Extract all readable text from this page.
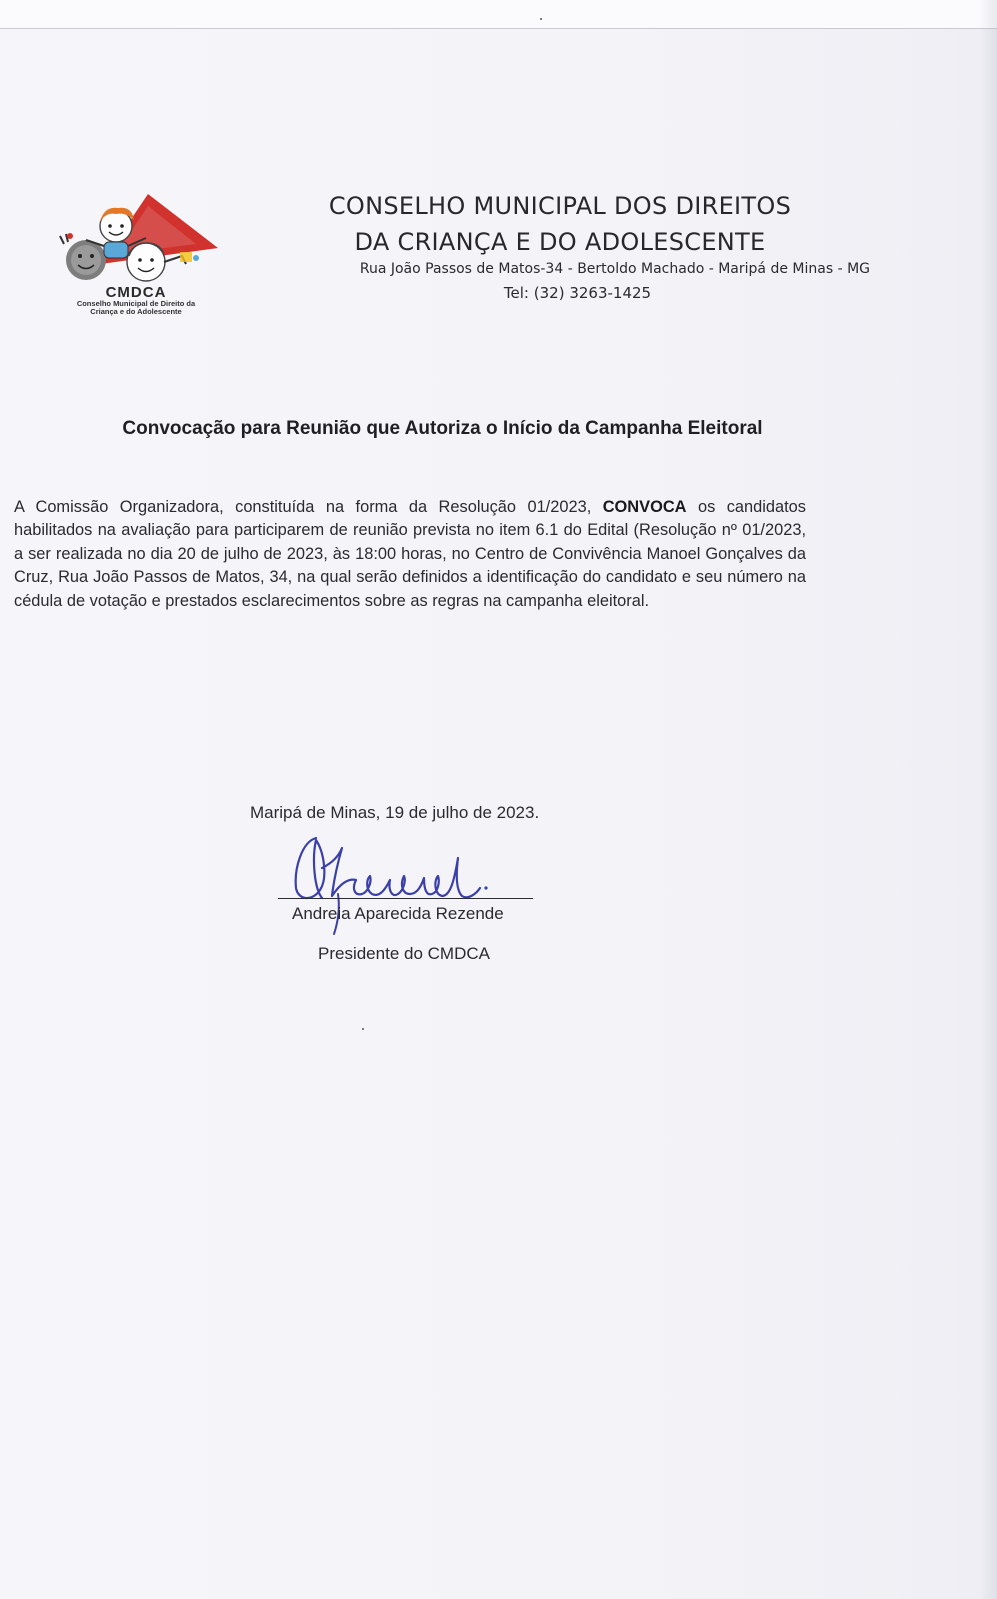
CMDCA
Conselho Municipal de Direito da
Criança e do Adolescente
CONSELHO MUNICIPAL DOS DIREITOS
DA CRIANÇA E DO ADOLESCENTE
Rua João Passos de Matos-34 - Bertoldo Machado - Maripá de Minas - MG
Tel: (32) 3263-1425
Convocação para Reunião que Autoriza o Início da Campanha Eleitoral
A Comissão Organizadora, constituída na forma da Resolução 01/2023, CONVOCA os candidatos habilitados na avaliação para participarem de reunião prevista no item 6.1 do Edital (Resolução nº 01/2023, a ser realizada no dia 20 de julho de 2023, às 18:00 horas, no Centro de Convivência Manoel Gonçalves da Cruz, Rua João Passos de Matos, 34, na qual serão definidos a identificação do candidato e seu número na cédula de votação e prestados esclarecimentos sobre as regras na campanha eleitoral.
Maripá de Minas, 19 de julho de 2023.
Andreia Aparecida Rezende
Presidente do CMDCA
